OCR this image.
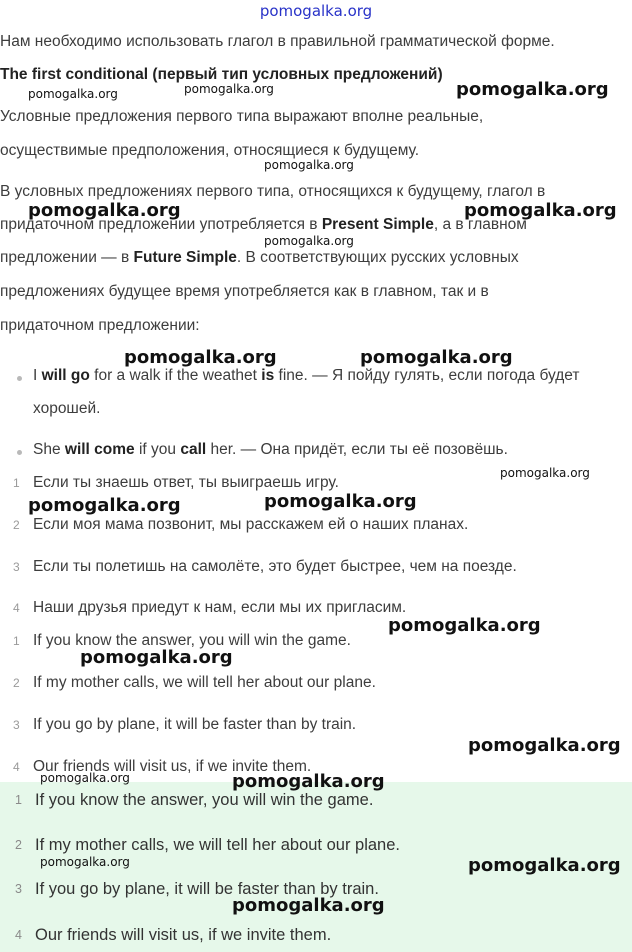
pomogalka.org
Нам необходимо использовать глагол в правильной грамматической форме.
The first conditional (первый тип условных предложений)
Условные предложения первого типа выражают вполне реальные,
осуществимые предположения, относящиеся к будущему.
В условных предложениях первого типа, относящихся к будущему, глагол в
придаточном предложении употребляется в Present Simple, а в главном
предложении — в Future Simple. В соответствующих русских условных
предложениях будущее время употребляется как в главном, так и в
придаточном предложении:
I will go for a walk if the weathet is fine. — Я пойду гулять, если погода будет
хорошей.
She will come if you call her. — Она придёт, если ты её позовёшь.
1 Если ты знаешь ответ, ты выиграешь игру.
2 Если моя мама позвонит, мы расскажем ей о наших планах.
3 Если ты полетишь на самолёте, это будет быстрее, чем на поезде.
4 Наши друзья приедут к нам, если мы их пригласим.
1 If you know the answer, you will win the game.
2 If my mother calls, we will tell her about our plane.
3 If you go by plane, it will be faster than by train.
4 Our friends will visit us, if we invite them.
1 If you know the answer, you will win the game.
2 If my mother calls, we will tell her about our plane.
3 If you go by plane, it will be faster than by train.
4 Our friends will visit us, if we invite them.
pomogalka.org	pomogalka.org	pomogalka.org
pomogalka.org
pomogalka.org	pomogalka.org
pomogalka.org
pomogalka.org	pomogalka.org
pomogalka.org
pomogalka.org	pomogalka.org
pomogalka.org
pomogalka.org
pomogalka.org
pomogalka.org	pomogalka.org
pomogalka.org	pomogalka.org
pomogalka.org
